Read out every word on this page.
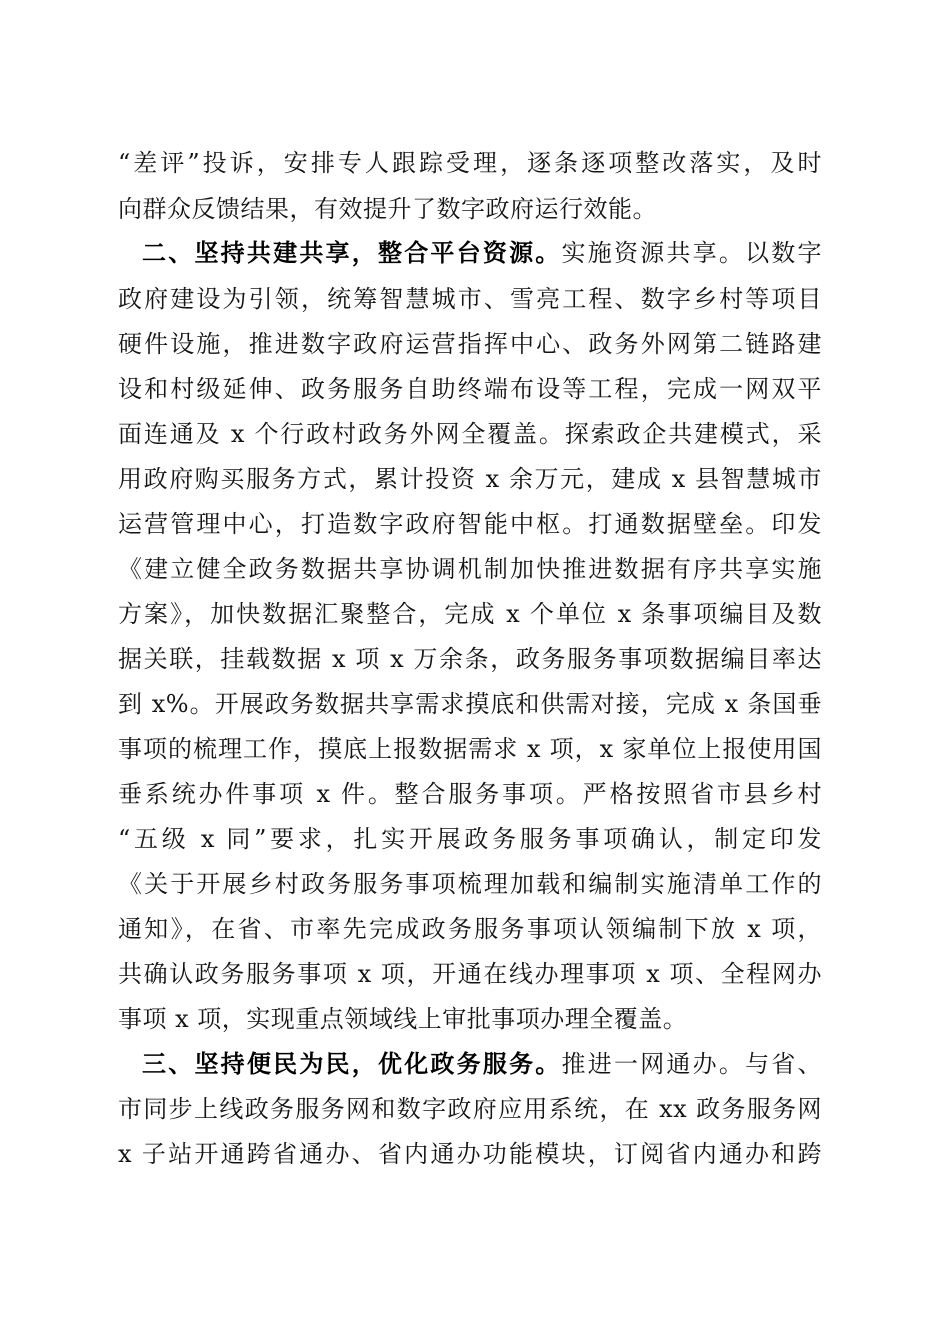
“差评”投诉，安排专人跟踪受理，逐条逐项整改落实，及时
向群众反馈结果，有效提升了数字政府运行效能。
二、坚持共建共享，整合平台资源。实施资源共享。以数字
政府建设为引领，统筹智慧城市、雪亮工程、数字乡村等项目
硬件设施，推进数字政府运营指挥中心、政务外网第二链路建
设和村级延伸、政务服务自助终端布设等工程，完成一网双平
面连通及 x 个行政村政务外网全覆盖。探索政企共建模式，采
用政府购买服务方式，累计投资 x 余万元，建成 x 县智慧城市
运营管理中心，打造数字政府智能中枢。打通数据壁垒。印发
《建立健全政务数据共享协调机制加快推进数据有序共享实施
方案》，加快数据汇聚整合，完成 x 个单位 x 条事项编目及数
据关联，挂载数据 x 项 x 万余条，政务服务事项数据编目率达
到 x%。开展政务数据共享需求摸底和供需对接，完成 x 条国垂
事项的梳理工作，摸底上报数据需求 x 项，x 家单位上报使用国
垂系统办件事项 x 件。整合服务事项。严格按照省市县乡村
“五级 x 同”要求，扎实开展政务服务事项确认，制定印发
《关于开展乡村政务服务事项梳理加载和编制实施清单工作的
通知》，在省、市率先完成政务服务事项认领编制下放 x 项，
共确认政务服务事项 x 项，开通在线办理事项 x 项、全程网办
事项 x 项，实现重点领域线上审批事项办理全覆盖。
三、坚持便民为民，优化政务服务。推进一网通办。与省、
市同步上线政务服务网和数字政府应用系统，在 xx 政务服务网
x 子站开通跨省通办、省内通办功能模块，订阅省内通办和跨
